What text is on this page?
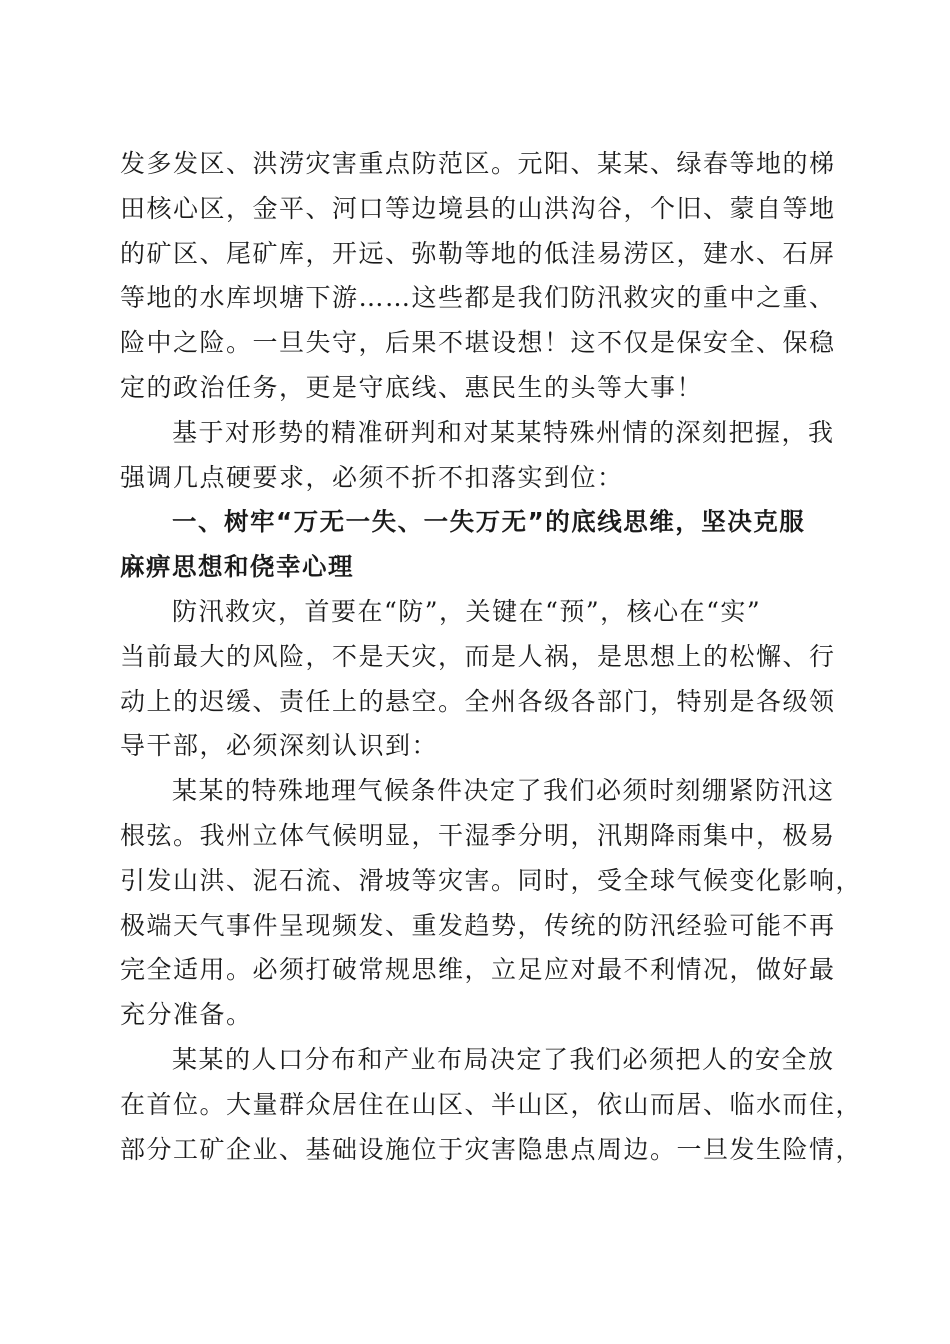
发多发区、洪涝灾害重点防范区。元阳、某某、绿春等地的梯
田核心区，金平、河口等边境县的山洪沟谷，个旧、蒙自等地
的矿区、尾矿库，开远、弥勒等地的低洼易涝区，建水、石屏
等地的水库坝塘下游……这些都是我们防汛救灾的重中之重、
险中之险。一旦失守，后果不堪设想！这不仅是保安全、保稳
定的政治任务，更是守底线、惠民生的头等大事！
基于对形势的精准研判和对某某特殊州情的深刻把握，我
强调几点硬要求，必须不折不扣落实到位：
一、树牢“万无一失、一失万无”的底线思维，坚决克服
麻痹思想和侥幸心理
防汛救灾，首要在“防”，关键在“预”，核心在“实”
当前最大的风险，不是天灾，而是人祸，是思想上的松懈、行
动上的迟缓、责任上的悬空。全州各级各部门，特别是各级领
导干部，必须深刻认识到：
某某的特殊地理气候条件决定了我们必须时刻绷紧防汛这
根弦。我州立体气候明显，干湿季分明，汛期降雨集中，极易
引发山洪、泥石流、滑坡等灾害。同时，受全球气候变化影响，
极端天气事件呈现频发、重发趋势，传统的防汛经验可能不再
完全适用。必须打破常规思维，立足应对最不利情况，做好最
充分准备。
某某的人口分布和产业布局决定了我们必须把人的安全放
在首位。大量群众居住在山区、半山区，依山而居、临水而住，
部分工矿企业、基础设施位于灾害隐患点周边。一旦发生险情，
